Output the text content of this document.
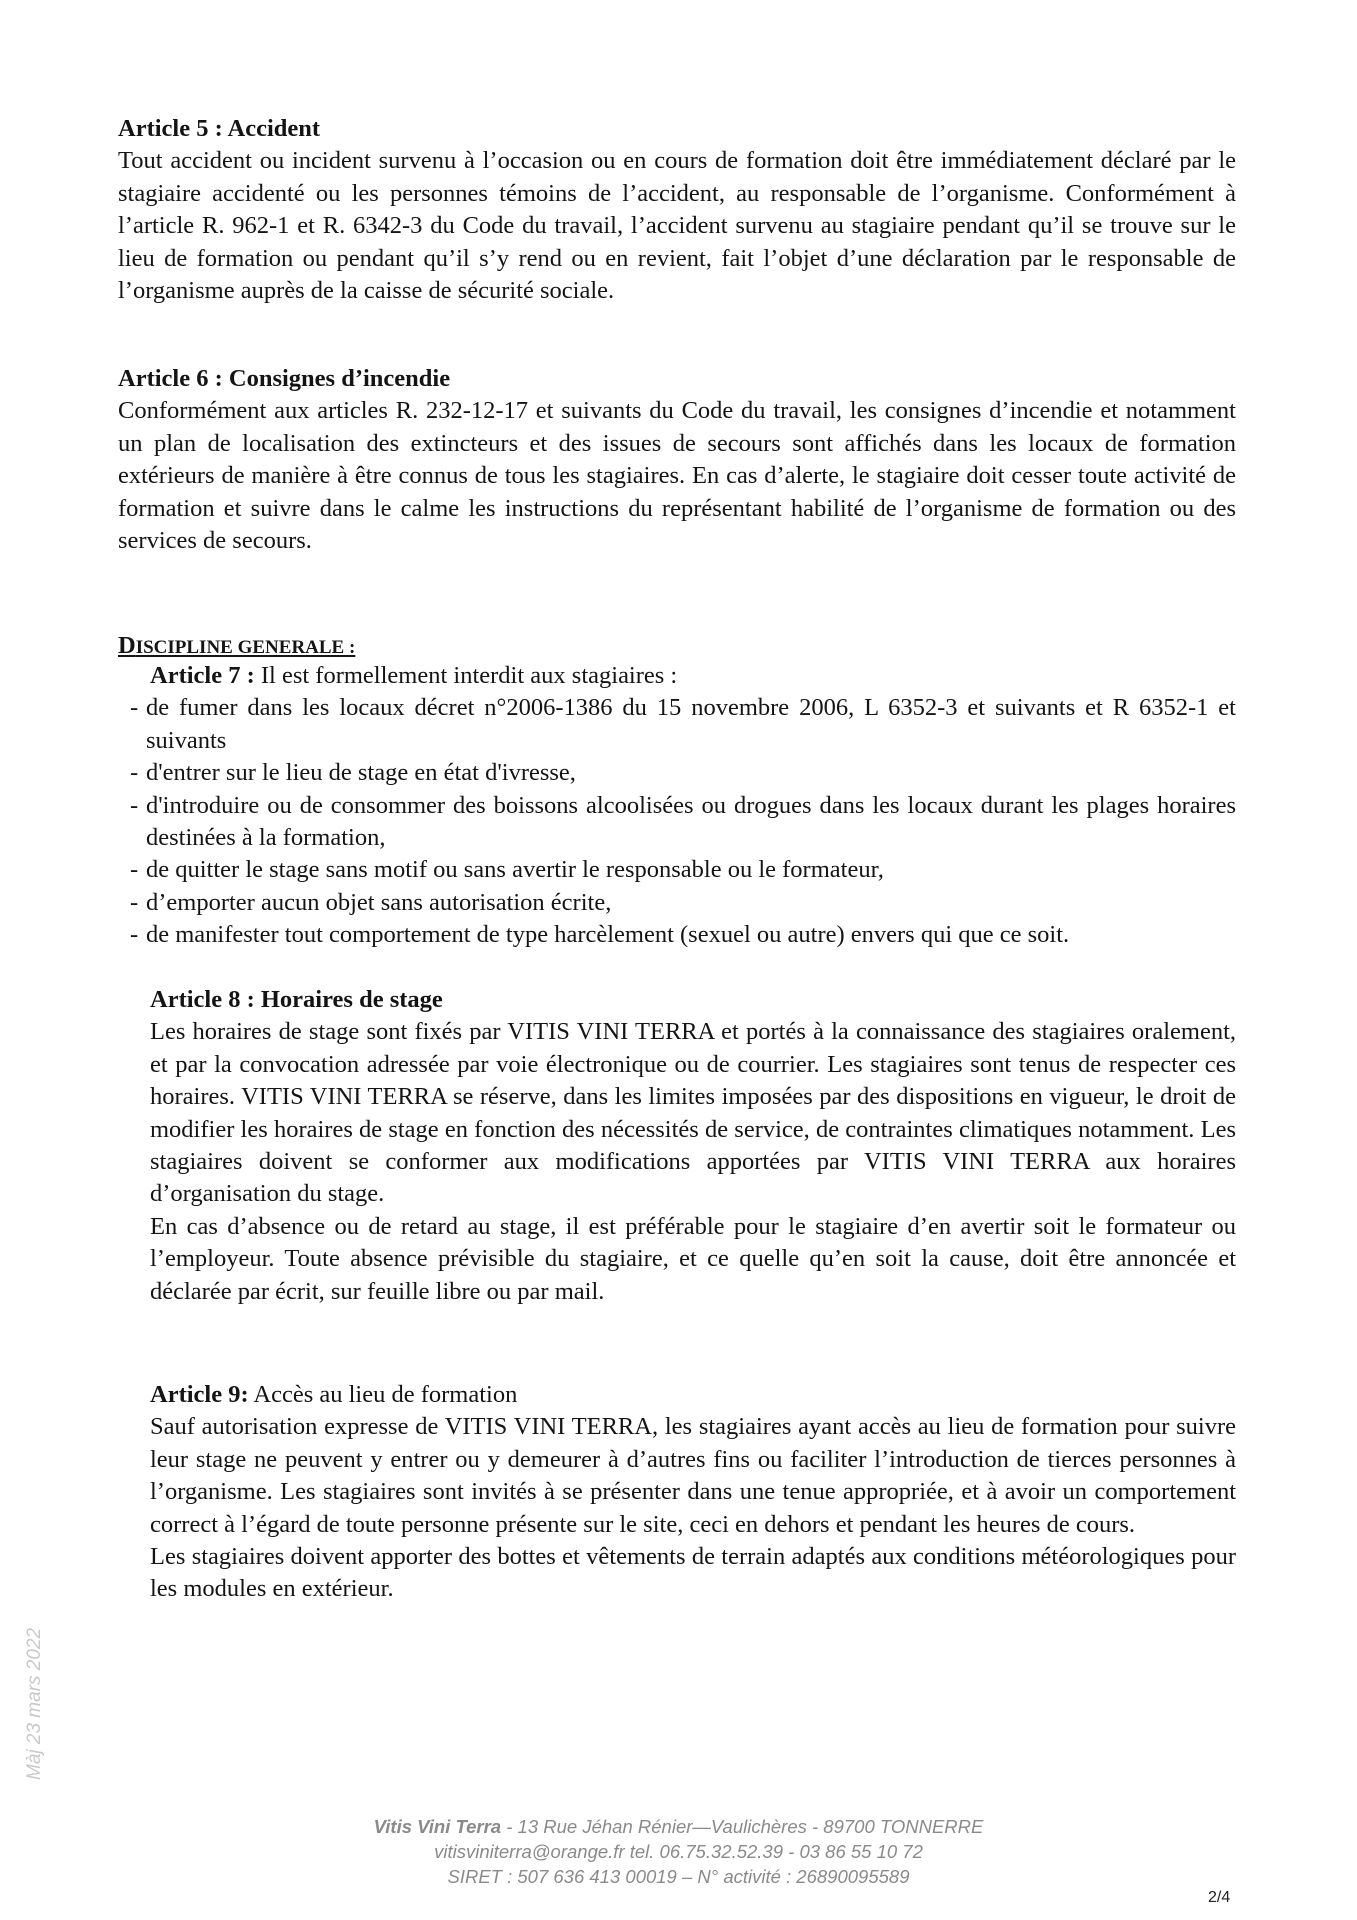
Article 5 : Accident

Tout accident ou incident survenu à l’occasion ou en cours de formation doit être immédiatement déclaré par le stagiaire accidenté ou les personnes témoins de l’accident, au responsable de l’organisme. Conformément à l’article R. 962-1 et R. 6342-3 du Code du travail, l’accident survenu au stagiaire pendant qu’il se trouve sur le lieu de formation ou pendant qu’il s’y rend ou en revient, fait l’objet d’une déclaration par le responsable de l’organisme auprès de la caisse de sécurité sociale.

Article 6 : Consignes d’incendie

Conformément aux articles R. 232-12-17 et suivants du Code du travail, les consignes d’incendie et notamment un plan de localisation des extincteurs et des issues de secours sont affichés dans les locaux de formation extérieurs de manière à être connus de tous les stagiaires. En cas d’alerte, le stagiaire doit cesser toute activité de formation et suivre dans le calme les instructions du représentant habilité de l’organisme de formation ou des services de secours.

DISCIPLINE GENERALE :

Article 7 : Il est formellement interdit aux stagiaires :

- de fumer dans les locaux décret n°2006-1386 du 15 novembre 2006, L 6352-3 et suivants et R 6352-1 et suivants
- d'entrer sur le lieu de stage en état d'ivresse,
- d'introduire ou de consommer des boissons alcoolisées ou drogues dans les locaux durant les plages horaires destinées à la formation,
- de quitter le stage sans motif ou sans avertir le responsable ou le formateur,
- d’emporter aucun objet sans autorisation écrite,
- de manifester tout comportement de type harcèlement (sexuel ou autre) envers qui que ce soit.

Article 8 : Horaires de stage

Les horaires de stage sont fixés par VITIS VINI TERRA et portés à la connaissance des stagiaires oralement, et par la convocation adressée par voie électronique ou de courrier. Les stagiaires sont tenus de respecter ces horaires. VITIS VINI TERRA se réserve, dans les limites imposées par des dispositions en vigueur, le droit de modifier les horaires de stage en fonction des nécessités de service, de contraintes climatiques notamment. Les stagiaires doivent se conformer aux modifications apportées par VITIS VINI TERRA aux horaires d’organisation du stage.

En cas d’absence ou de retard au stage, il est préférable pour le stagiaire d’en avertir soit le formateur ou l’employeur. Toute absence prévisible du stagiaire, et ce quelle qu’en soit la cause, doit être annoncée et déclarée par écrit, sur feuille libre ou par mail.

Article 9: Accès au lieu de formation

Sauf autorisation expresse de VITIS VINI TERRA, les stagiaires ayant accès au lieu de formation pour suivre leur stage ne peuvent y entrer ou y demeurer à d’autres fins ou faciliter l’introduction de tierces personnes à l’organisme. Les stagiaires sont invités à se présenter dans une tenue appropriée, et à avoir un comportement correct à l’égard de toute personne présente sur le site, ceci en dehors et pendant les heures de cours.

Les stagiaires doivent apporter des bottes et vêtements de terrain adaptés aux conditions météorologiques pour les modules en extérieur.

Màj 23 mars 2022
Vitis Vini Terra - 13 Rue Jéhan Rénier—Vaulichères - 89700 TONNERRE
vitisviniterra@orange.fr tel. 06.75.32.52.39 - 03 86 55 10 72
SIRET : 507 636 413 00019 – N° activité : 26890095589
2/4
